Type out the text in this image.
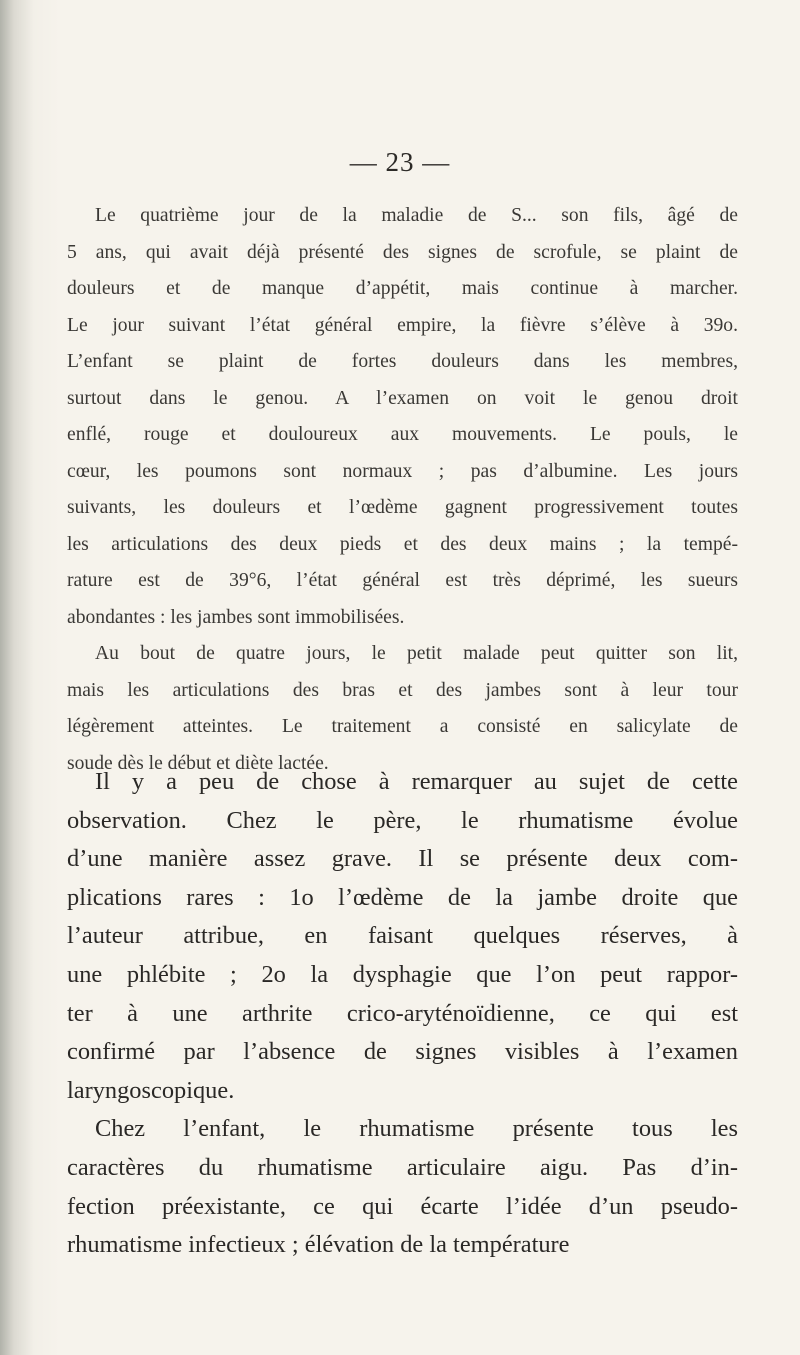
— 23 —
Le quatrième jour de la maladie de S... son fils, âgé de
5 ans, qui avait déjà présenté des signes de scrofule, se plaint de
douleurs et de manque d’appétit, mais continue à marcher.
Le jour suivant l’état général empire, la fièvre s’élève à 39o.
L’enfant se plaint de fortes douleurs dans les membres,
surtout dans le genou. A l’examen on voit le genou droit
enflé, rouge et douloureux aux mouvements. Le pouls, le
cœur, les poumons sont normaux ; pas d’albumine. Les jours
suivants, les douleurs et l’œdème gagnent progressivement toutes
les articulations des deux pieds et des deux mains ; la tempé-
rature est de 39°6, l’état général est très déprimé, les sueurs
abondantes : les jambes sont immobilisées.
Au bout de quatre jours, le petit malade peut quitter son lit,
mais les articulations des bras et des jambes sont à leur tour
légèrement atteintes. Le traitement a consisté en salicylate de
soude dès le début et diète lactée.
Il y a peu de chose à remarquer au sujet de cette
observation. Chez le père, le rhumatisme évolue
d’une manière assez grave. Il se présente deux com-
plications rares : 1o l’œdème de la jambe droite que
l’auteur attribue, en faisant quelques réserves, à
une phlébite ; 2o la dysphagie que l’on peut rappor-
ter à une arthrite crico-aryténoïdienne, ce qui est
confirmé par l’absence de signes visibles à l’examen
laryngoscopique.
Chez l’enfant, le rhumatisme présente tous les
caractères du rhumatisme articulaire aigu. Pas d’in-
fection préexistante, ce qui écarte l’idée d’un pseudo-
rhumatisme infectieux ; élévation de la température
